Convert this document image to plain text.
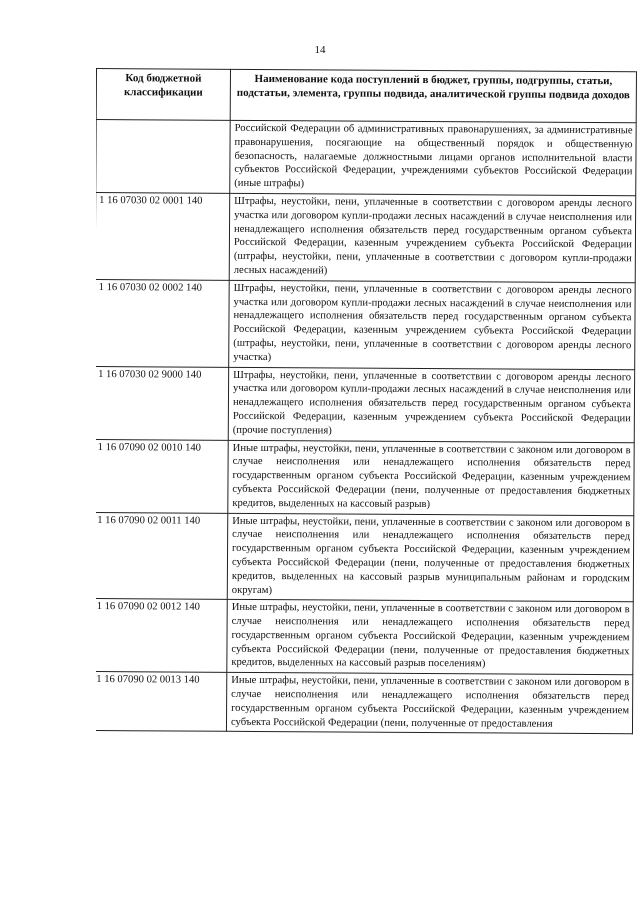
14
Код бюджетной классификации	Наименование кода поступлений в бюджет, группы, подгруппы, статьи, подстатьи, элемента, группы подвида, аналитической группы подвида доходов
	Российской Федерации об административных правонарушениях, за административные правонарушения, посягающие на общественный порядок и общественную безопасность, налагаемые должностными лицами органов исполнительной власти субъектов Российской Федерации, учреждениями субъектов Российской Федерации (иные штрафы)
1 16 07030 02 0001 140	Штрафы, неустойки, пени, уплаченные в соответствии с договором аренды лесного участка или договором купли-продажи лесных насаждений в случае неисполнения или ненадлежащего исполнения обязательств перед государственным органом субъекта Российской Федерации, казенным учреждением субъекта Российской Федерации (штрафы, неустойки, пени, уплаченные в соответствии с договором купли-продажи лесных насаждений)
1 16 07030 02 0002 140	Штрафы, неустойки, пени, уплаченные в соответствии с договором аренды лесного участка или договором купли-продажи лесных насаждений в случае неисполнения или ненадлежащего исполнения обязательств перед государственным органом субъекта Российской Федерации, казенным учреждением субъекта Российской Федерации (штрафы, неустойки, пени, уплаченные в соответствии с договором аренды лесного участка)
1 16 07030 02 9000 140	Штрафы, неустойки, пени, уплаченные в соответствии с договором аренды лесного участка или договором купли-продажи лесных насаждений в случае неисполнения или ненадлежащего исполнения обязательств перед государственным органом субъекта Российской Федерации, казенным учреждением субъекта Российской Федерации (прочие поступления)
1 16 07090 02 0010 140	Иные штрафы, неустойки, пени, уплаченные в соответствии с законом или договором в случае неисполнения или ненадлежащего исполнения обязательств перед государственным органом субъекта Российской Федерации, казенным учреждением субъекта Российской Федерации (пени, полученные от предоставления бюджетных кредитов, выделенных на кассовый разрыв)
1 16 07090 02 0011 140	Иные штрафы, неустойки, пени, уплаченные в соответствии с законом или договором в случае неисполнения или ненадлежащего исполнения обязательств перед государственным органом субъекта Российской Федерации, казенным учреждением субъекта Российской Федерации (пени, полученные от предоставления бюджетных кредитов, выделенных на кассовый разрыв муниципальным районам и городским округам)
1 16 07090 02 0012 140	Иные штрафы, неустойки, пени, уплаченные в соответствии с законом или договором в случае неисполнения или ненадлежащего исполнения обязательств перед государственным органом субъекта Российской Федерации, казенным учреждением субъекта Российской Федерации (пени, полученные от предоставления бюджетных кредитов, выделенных на кассовый разрыв поселениям)
1 16 07090 02 0013 140	Иные штрафы, неустойки, пени, уплаченные в соответствии с законом или договором в случае неисполнения или ненадлежащего исполнения обязательств перед государственным органом субъекта Российской Федерации, казенным учреждением субъекта Российской Федерации (пени, полученные от предоставления
